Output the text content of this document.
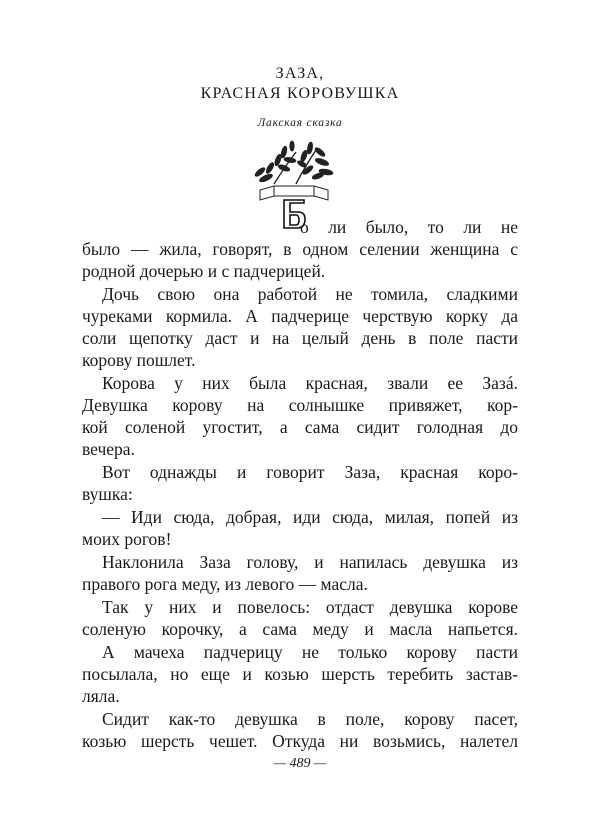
ЗАЗА,
КРАСНАЯ КОРОВУШКА
Лакская сказка
о ли было, то ли не
было — жила, говорят, в одном селении женщина с
родной дочерью и с падчерицей.
Дочь свою она работой не томила, сладкими
чуреками кормила. А падчерице черствую корку да
соли щепотку даст и на целый день в поле пасти
корову пошлет.
Корова у них была красная, звали ее Зазá.
Девушка корову на солнышке привяжет, кор-
кой соленой угостит, а сама сидит голодная до
вечера.
Вот однажды и говорит Заза, красная коро-
вушка:
— Иди сюда, добрая, иди сюда, милая, попей из
моих рогов!
Наклонила Заза голову, и напилась девушка из
правого рога меду, из левого — масла.
Так у них и повелось: отдаст девушка корове
соленую корочку, а сама меду и масла напьется.
А мачеха падчерицу не только корову пасти
посылала, но еще и козью шерсть теребить застав-
ляла.
Сидит как-то девушка в поле, корову пасет,
козью шерсть чешет. Откуда ни возьмись, налетел
— 489 —
